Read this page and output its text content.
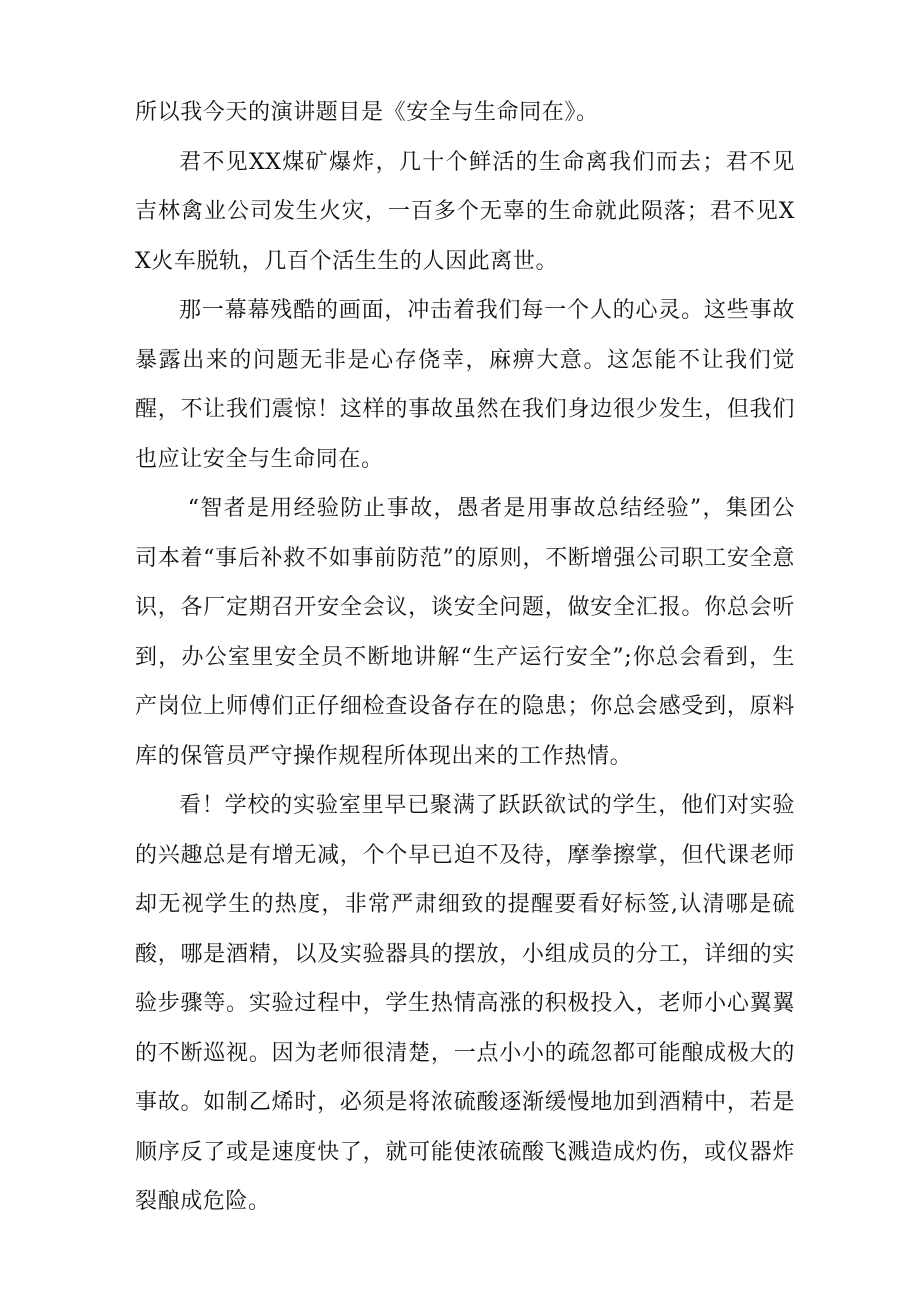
所以我今天的演讲题目是《安全与生命同在》。

君不见XX煤矿爆炸，几十个鲜活的生命离我们而去；君不见吉林禽业公司发生火灾，一百多个无辜的生命就此陨落；君不见XX火车脱轨，几百个活生生的人因此离世。

那一幕幕残酷的画面，冲击着我们每一个人的心灵。这些事故暴露出来的问题无非是心存侥幸，麻痹大意。这怎能不让我们觉醒，不让我们震惊！这样的事故虽然在我们身边很少发生，但我们也应让安全与生命同在。

“智者是用经验防止事故，愚者是用事故总结经验”，集团公司本着“事后补救不如事前防范”的原则，不断增强公司职工安全意识，各厂定期召开安全会议，谈安全问题，做安全汇报。你总会听到，办公室里安全员不断地讲解“生产运行安全”;你总会看到，生产岗位上师傅们正仔细检查设备存在的隐患；你总会感受到，原料库的保管员严守操作规程所体现出来的工作热情。

看！学校的实验室里早已聚满了跃跃欲试的学生，他们对实验的兴趣总是有增无减，个个早已迫不及待，摩拳擦掌，但代课老师却无视学生的热度，非常严肃细致的提醒要看好标签,认清哪是硫酸，哪是酒精，以及实验器具的摆放，小组成员的分工，详细的实验步骤等。实验过程中，学生热情高涨的积极投入，老师小心翼翼的不断巡视。因为老师很清楚，一点小小的疏忽都可能酿成极大的事故。如制乙烯时，必须是将浓硫酸逐渐缓慢地加到酒精中，若是顺序反了或是速度快了，就可能使浓硫酸飞溅造成灼伤，或仪器炸裂酿成危险。
